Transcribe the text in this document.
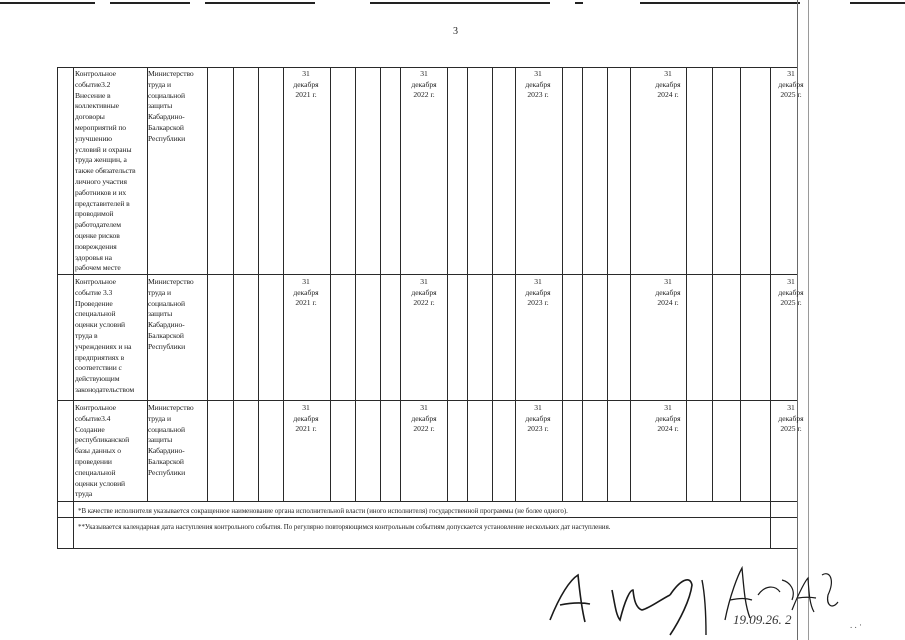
3
Контрольное
событие3.2
Внесение в
коллективные
договоры
мероприятий по
улучшению
условий и охраны
труда женщин, а
также обязательств
личного участия
работников и их
представителей в
проводимой
работодателем
оценке рисков
повреждения
здоровья на
рабочем месте
Министерство
труда и
социальной
защиты
Кабардино-
Балкарской
Республики
31
декабря
2021 г.
31
декабря
2022 г.
31
декабря
2023 г.
31
декабря
2024 г.
31
декабря
2025 г.
Контрольное
событие 3.3
Проведение
специальной
оценки условий
труда в
учреждениях и на
предприятиях в
соответствии с
действующим
законодательством
Министерство
труда и
социальной
защиты
Кабардино-
Балкарской
Республики
31
декабря
2021 г.
31
декабря
2022 г.
31
декабря
2023 г.
31
декабря
2024 г.
31
декабря
2025 г.
Контрольное
событие3.4
Создание
республиканской
базы данных о
проведении
специальной
оценки условий
труда
Министерство
труда и
социальной
защиты
Кабардино-
Балкарской
Республики
31
декабря
2021 г.
31
декабря
2022 г.
31
декабря
2023 г.
31
декабря
2024 г.
31
декабря
2025 г.
*В качестве исполнителя указывается сокращенное наименование органа исполнительной власти (иного исполнителя) государственной программы (не более одного).
**Указывается календарная дата наступления контрольного события. По регулярно повторяющимся контрольным событиям допускается установление нескольких дат наступления.
19.09.26. 2	. . ·
